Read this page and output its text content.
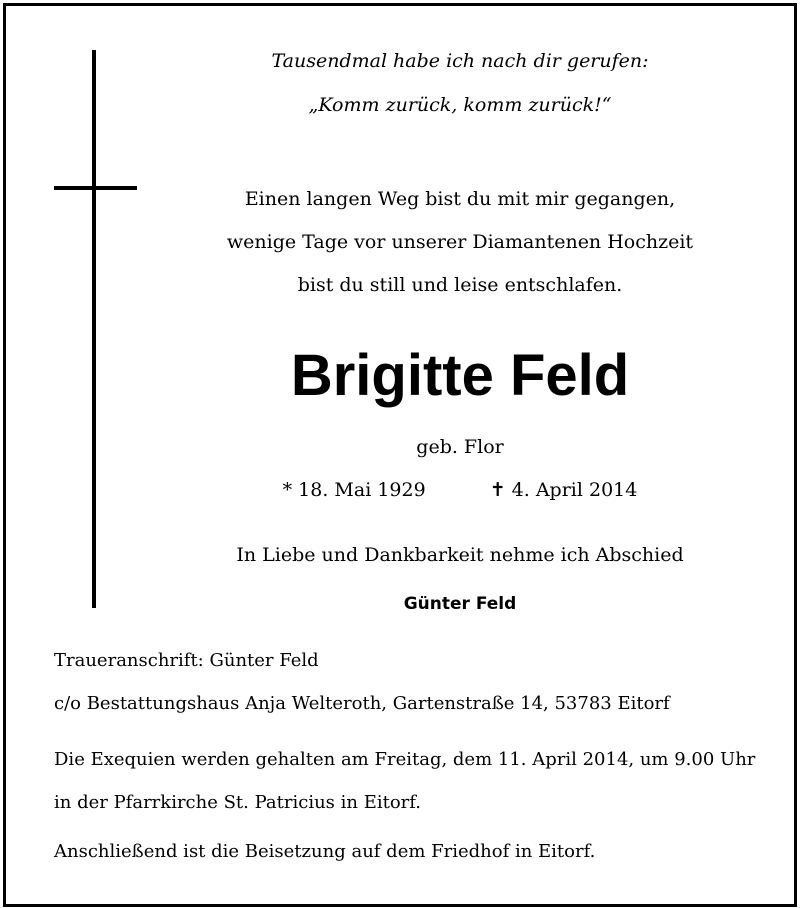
Tausendmal habe ich nach dir gerufen:
„Komm zurück, komm zurück!“
Einen langen Weg bist du mit mir gegangen,
wenige Tage vor unserer Diamantenen Hochzeit
bist du still und leise entschlafen.
Brigitte Feld
geb. Flor
* 18. Mai 1929	✝ 4. April 2014
In Liebe und Dankbarkeit nehme ich Abschied
Günter Feld
Traueranschrift: Günter Feld
c/o Bestattungshaus Anja Welteroth, Gartenstraße 14, 53783 Eitorf
Die Exequien werden gehalten am Freitag, dem 11. April 2014, um 9.00 Uhr
in der Pfarrkirche St. Patricius in Eitorf.
Anschließend ist die Beisetzung auf dem Friedhof in Eitorf.
